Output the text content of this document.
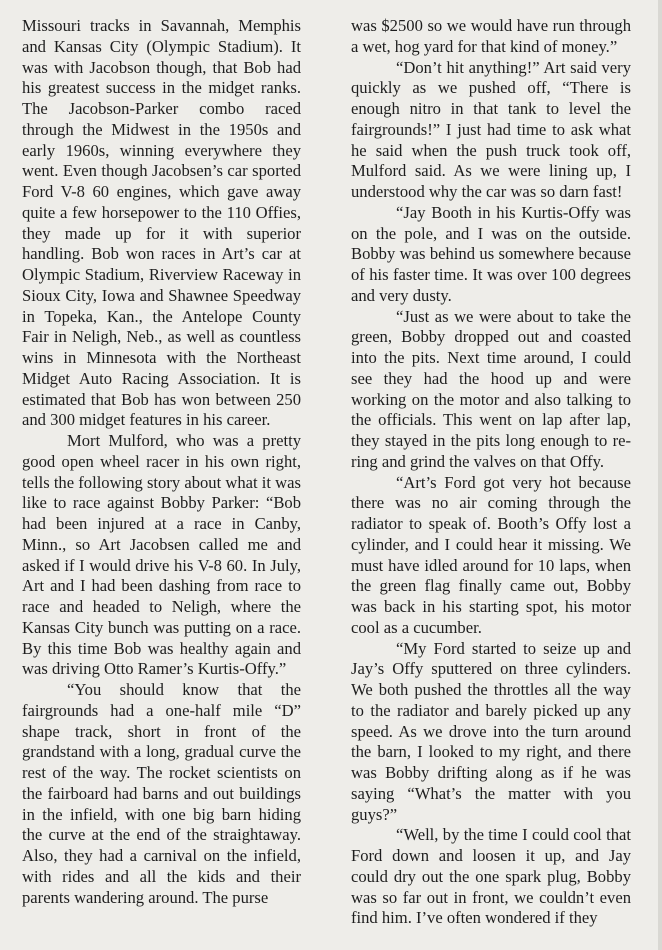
Missouri tracks in Savannah, Memphis and Kansas City (Olympic Stadium). It was with Jacobson though, that Bob had his greatest success in the midget ranks. The Jacobson-Parker combo raced through the Midwest in the 1950s and early 1960s, winning everywhere they went. Even though Jacobsen’s car sported Ford V-8 60 engines, which gave away quite a few horsepower to the 110 Offies, they made up for it with superior handling. Bob won races in Art’s car at Olympic Stadium, Riverview Raceway in Sioux City, Iowa and Shawnee Speedway in Topeka, Kan., the Antelope County Fair in Neligh, Neb., as well as countless wins in Minnesota with the Northeast Midget Auto Racing Association. It is estimated that Bob has won between 250 and 300 midget features in his career.

Mort Mulford, who was a pretty good open wheel racer in his own right, tells the following story about what it was like to race against Bobby Parker: “Bob had been injured at a race in Canby, Minn., so Art Jacobsen called me and asked if I would drive his V-8 60. In July, Art and I had been dashing from race to race and headed to Neligh, where the Kansas City bunch was putting on a race. By this time Bob was healthy again and was driving Otto Ramer’s Kurtis-Offy.”

“You should know that the fairgrounds had a one-half mile “D” shape track, short in front of the grandstand with a long, gradual curve the rest of the way. The rocket scientists on the fairboard had barns and out buildings in the infield, with one big barn hiding the curve at the end of the straightaway. Also, they had a carnival on the infield, with rides and all the kids and their parents wandering around. The purse

was $2500 so we would have run through a wet, hog yard for that kind of money.”

“Don’t hit anything!” Art said very quickly as we pushed off, “There is enough nitro in that tank to level the fairgrounds!” I just had time to ask what he said when the push truck took off, Mulford said. As we were lining up, I understood why the car was so darn fast!

“Jay Booth in his Kurtis-Offy was on the pole, and I was on the outside. Bobby was behind us somewhere because of his faster time. It was over 100 degrees and very dusty.

“Just as we were about to take the green, Bobby dropped out and coasted into the pits. Next time around, I could see they had the hood up and were working on the motor and also talking to the officials. This went on lap after lap, they stayed in the pits long enough to re-ring and grind the valves on that Offy.

“Art’s Ford got very hot because there was no air coming through the radiator to speak of. Booth’s Offy lost a cylinder, and I could hear it missing. We must have idled around for 10 laps, when the green flag finally came out, Bobby was back in his starting spot, his motor cool as a cucumber.

“My Ford started to seize up and Jay’s Offy sputtered on three cylinders. We both pushed the throttles all the way to the radiator and barely picked up any speed. As we drove into the turn around the barn, I looked to my right, and there was Bobby drifting along as if he was saying “What’s the matter with you guys?”

“Well, by the time I could cool that Ford down and loosen it up, and Jay could dry out the one spark plug, Bobby was so far out in front, we couldn’t even find him. I’ve often wondered if they
